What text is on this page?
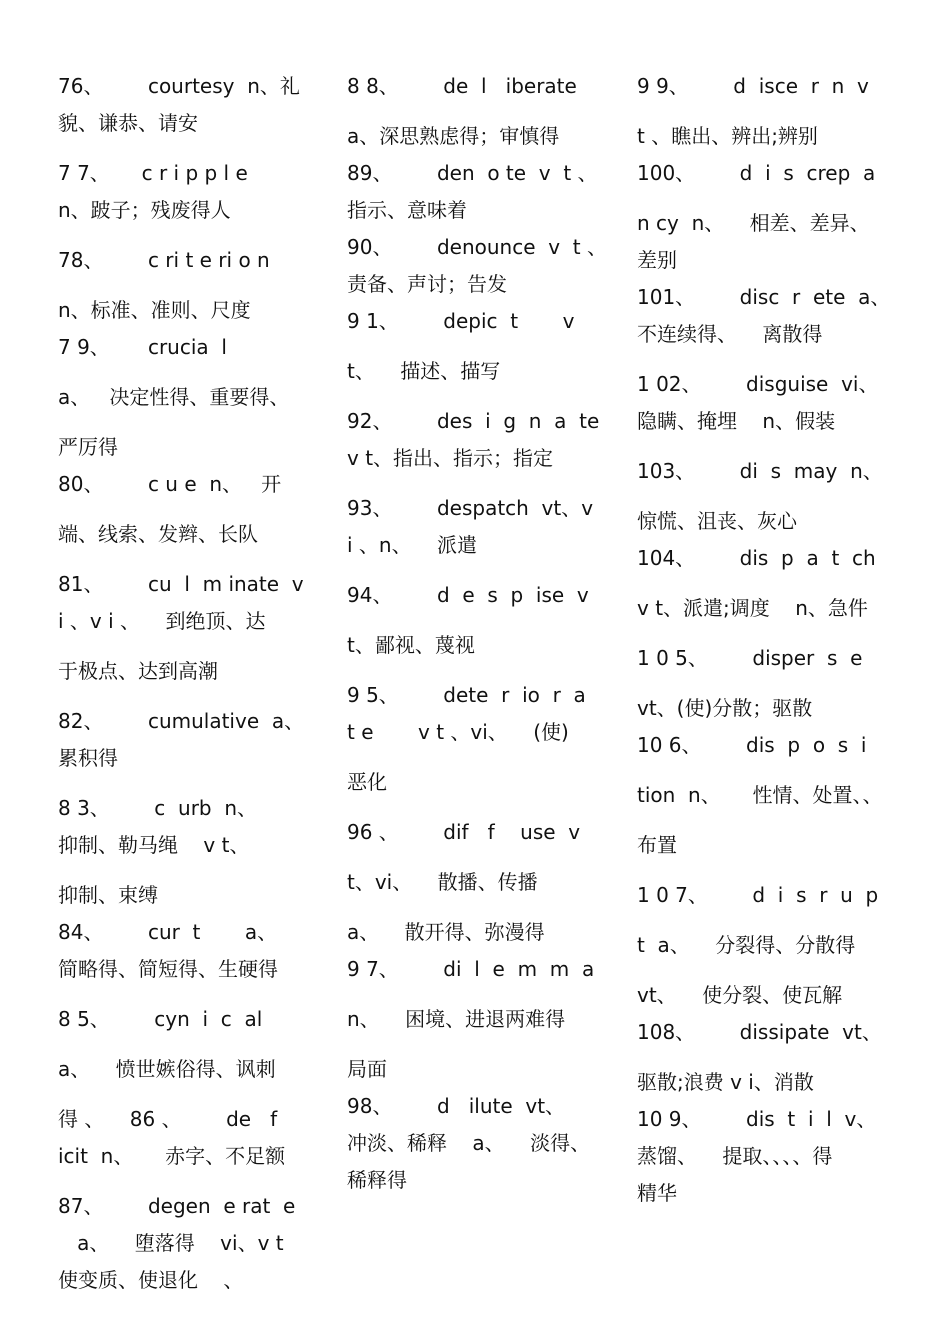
76、       courtesy  n、礼
貌、谦恭、请安
7 7、     c r i p p l e
n、跛子；残废得人
78、       c ri t e ri o n
n、标准、准则、尺度
7 9、      crucia  l
a、   决定性得、重要得、
严厉得
80、       c u e  n、   开
端、线索、发辫、长队
81、       cu  l  m inate  v
i 、v i 、    到绝顶、达
于极点、达到高潮
82、       cumulative  a、
累积得
8 3、       c  urb  n、
抑制、勒马绳    v t、
抑制、束缚
84、       cur  t       a、
简略得、简短得、生硬得
8 5、       cyn  i  c  al
a、    愤世嫉俗得、讽刺
得 、    86 、       de   f
icit  n、     赤字、不足额
87、       degen  e rat  e
a、    堕落得    vi、v t
使变质、使退化    、
8 8、       de  l   iberate
a、深思熟虑得；审慎得
89、       den  o te  v  t 、
指示、意味着
90、       denounce  v  t 、
责备、声讨；告发
9 1、       depic  t       v
t、    描述、描写
92、       des  i  g  n  a  te
v t、指出、指示；指定
93、       despatch  vt、v
i 、n、    派遣
94、       d  e  s  p  ise  v
t、鄙视、蔑视
9 5、       dete  r  io  r  a
t e       v t 、vi、    (使)
恶化
96 、       dif   f    use  v
t、vi、    散播、传播
a、    散开得、弥漫得
9 7、       di  l  e  m  m  a
n、    困境、进退两难得
局面
98、       d   ilute  vt、
冲淡、稀释    a、    淡得、
稀释得
9 9、       d  isce  r  n  v
t 、瞧出、辨出;辨别
100、       d  i  s  crep  a
n cy  n、    相差、差异、
差别
101、       disc  r  ete  a、
不连续得、    离散得
1 02、       disguise  vi、
隐瞒、掩埋    n、假装
103、       di  s  may  n、
惊慌、沮丧、灰心
104、       dis  p  a  t  ch
v t、派遣;调度    n、急件
1 0 5、       disper  s  e
vt、(使)分散；驱散
10 6、       dis  p  o  s  i
tion  n、     性情、处置、、
布置
1 0 7、       d  i  s  r  u  p
t  a、    分裂得、分散得
vt、    使分裂、使瓦解
108、       dissipate  vt、
驱散;浪费 v i、消散
10 9、       dis  t  i  l  v、
蒸馏、    提取、、、、得
精华
